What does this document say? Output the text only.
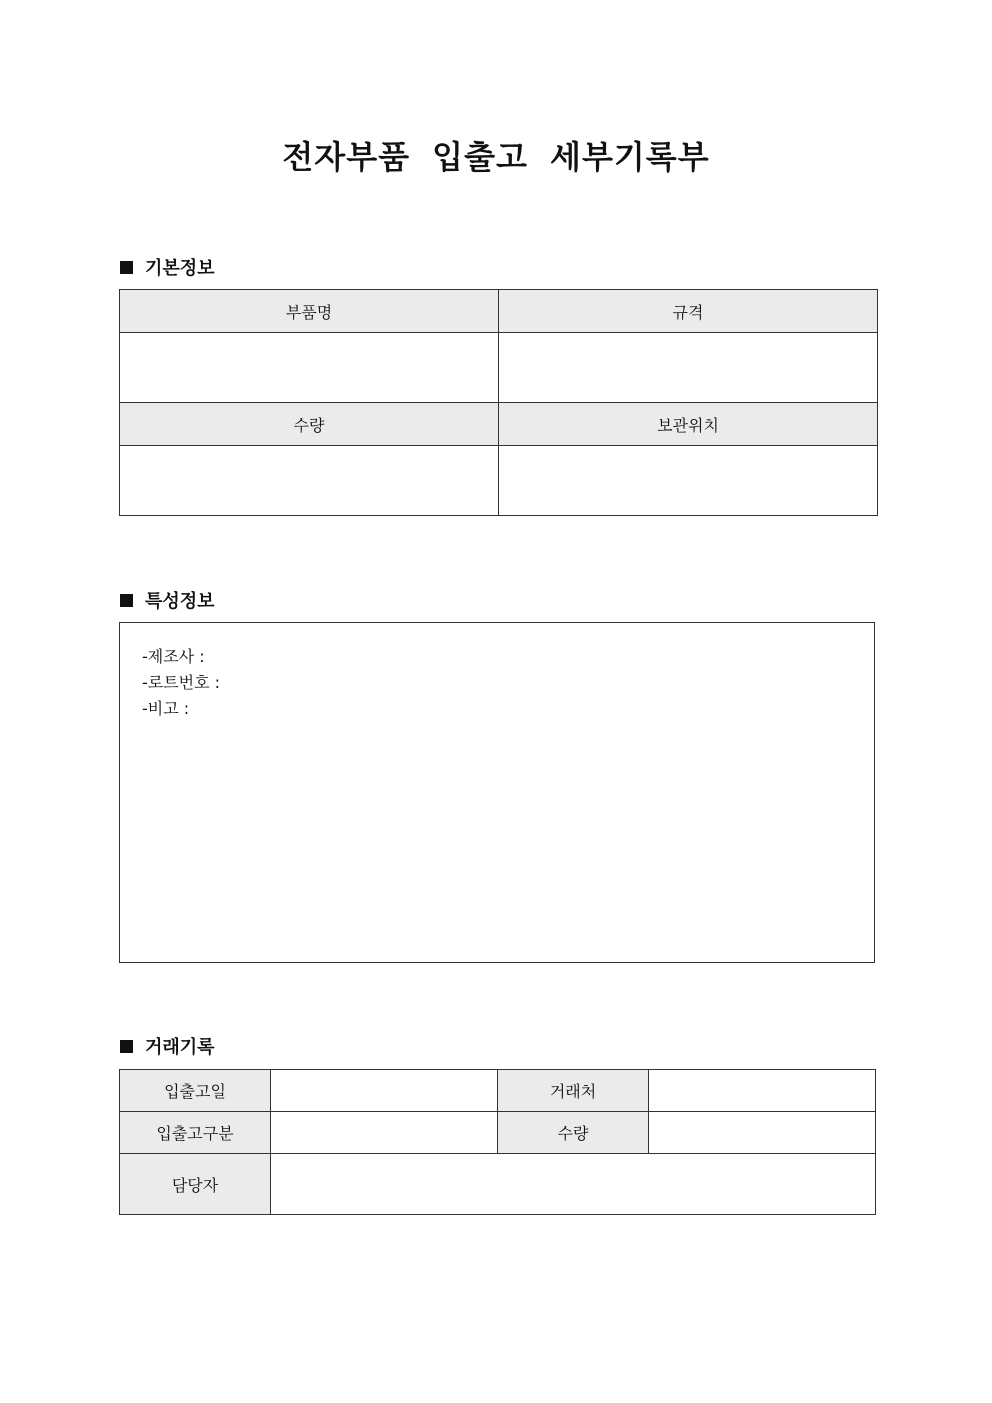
전자부품 입출고 세부기록부
기본정보
부품명	규격

수량	보관위치

특성정보
-제조사 :
-로트번호 :
-비고 :
거래기록
입출고일		거래처	
입출고구분		수량	
담당자			
